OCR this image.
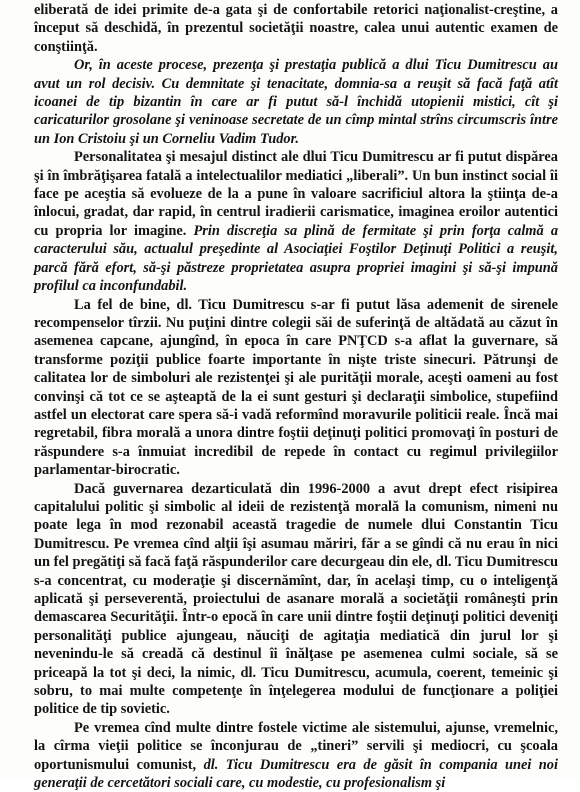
eliberată de idei primite de-a gata şi de confortabile retorici naţionalist-creştine, a început să deschidă, în prezentul societăţii noastre, calea unui autentic examen de conştiinţă.

Or, în aceste procese, prezenţa şi prestaţia publică a dlui Ticu Dumitrescu au avut un rol decisiv. Cu demnitate şi tenacitate, domnia-sa a reuşit să facă faţă atît icoanei de tip bizantin în care ar fi putut să-l închidă utopienii mistici, cît şi caricaturilor grosolane şi veninoase secretate de un cîmp mintal strîns circumscris între un Ion Cristoiu şi un Corneliu Vadim Tudor.

Personalitatea şi mesajul distinct ale dlui Ticu Dumitrescu ar fi putut dispărea şi în îmbrăţişarea fatală a intelectualilor mediatici „liberali”. Un bun instinct social îi face pe aceştia să evolueze de la a pune în valoare sacrificiul altora la ştiinţa de-a înlocui, gradat, dar rapid, în centrul iradierii carismatice, imaginea eroilor autentici cu propria lor imagine. Prin discreţia sa plină de fermitate şi prin forţa calmă a caracterului său, actualul preşedinte al Asociaţiei Foştilor Deţinuţi Politici a reuşit, parcă fără efort, să-şi păstreze proprietatea asupra propriei imagini şi să-şi impună profilul ca inconfundabil.

La fel de bine, dl. Ticu Dumitrescu s-ar fi putut lăsa ademenit de sirenele recompenselor tîrzii. Nu puţini dintre colegii săi de suferinţă de altădată au căzut în asemenea capcane, ajungînd, în epoca în care PNŢCD s-a aflat la guvernare, să transforme poziţii publice foarte importante în nişte triste sinecuri. Pătrunşi de calitatea lor de simboluri ale rezistenţei şi ale purităţii morale, aceşti oameni au fost convinşi că tot ce se aşteaptă de la ei sunt gesturi şi declaraţii simbolice, stupefiind astfel un electorat care spera să-i vadă reformînd moravurile politicii reale. Încă mai regretabil, fibra morală a unora dintre foştii deţinuţi politici promovaţi în posturi de răspundere s-a înmuiat incredibil de repede în contact cu regimul privilegiilor parlamentar-birocratic.

Dacă guvernarea dezarticulată din 1996-2000 a avut drept efect risipirea capitalului politic şi simbolic al ideii de rezistenţă morală la comunism, nimeni nu poate lega în mod rezonabil această tragedie de numele dlui Constantin Ticu Dumitrescu. Pe vremea cînd alţii îşi asumau măriri, făr a se gîndi că nu erau în nici un fel pregătiţi să facă faţă răspunderilor care decurgeau din ele, dl. Ticu Dumitrescu s-a concentrat, cu moderaţie şi discernămînt, dar, în acelaşi timp, cu o inteligenţă aplicată şi perseverentă, proiectului de asanare morală a societăţii româneşti prin demascarea Securităţii. Într-o epocă în care unii dintre foştii deţinuţi politici deveniţi personalităţi publice ajungeau, năuciţi de agitaţia mediatică din jurul lor şi nevenindu-le să creadă că destinul îi înălţase pe asemenea culmi sociale, să se priceapă la tot şi deci, la nimic, dl. Ticu Dumitrescu, acumula, coerent, temeinic şi sobru, to mai multe competenţe în înţelegerea modului de funcţionare a poliţiei politice de tip sovietic.

Pe vremea cînd multe dintre fostele victime ale sistemului, ajunse, vremelnic, la cîrma vieţii politice se înconjurau de „tineri” servili şi mediocri, cu şcoala oportunismului comunist, dl. Ticu Dumitrescu era de găsit în compania unei noi generaţii de cercetători sociali care, cu modestie, cu profesionalism şi
